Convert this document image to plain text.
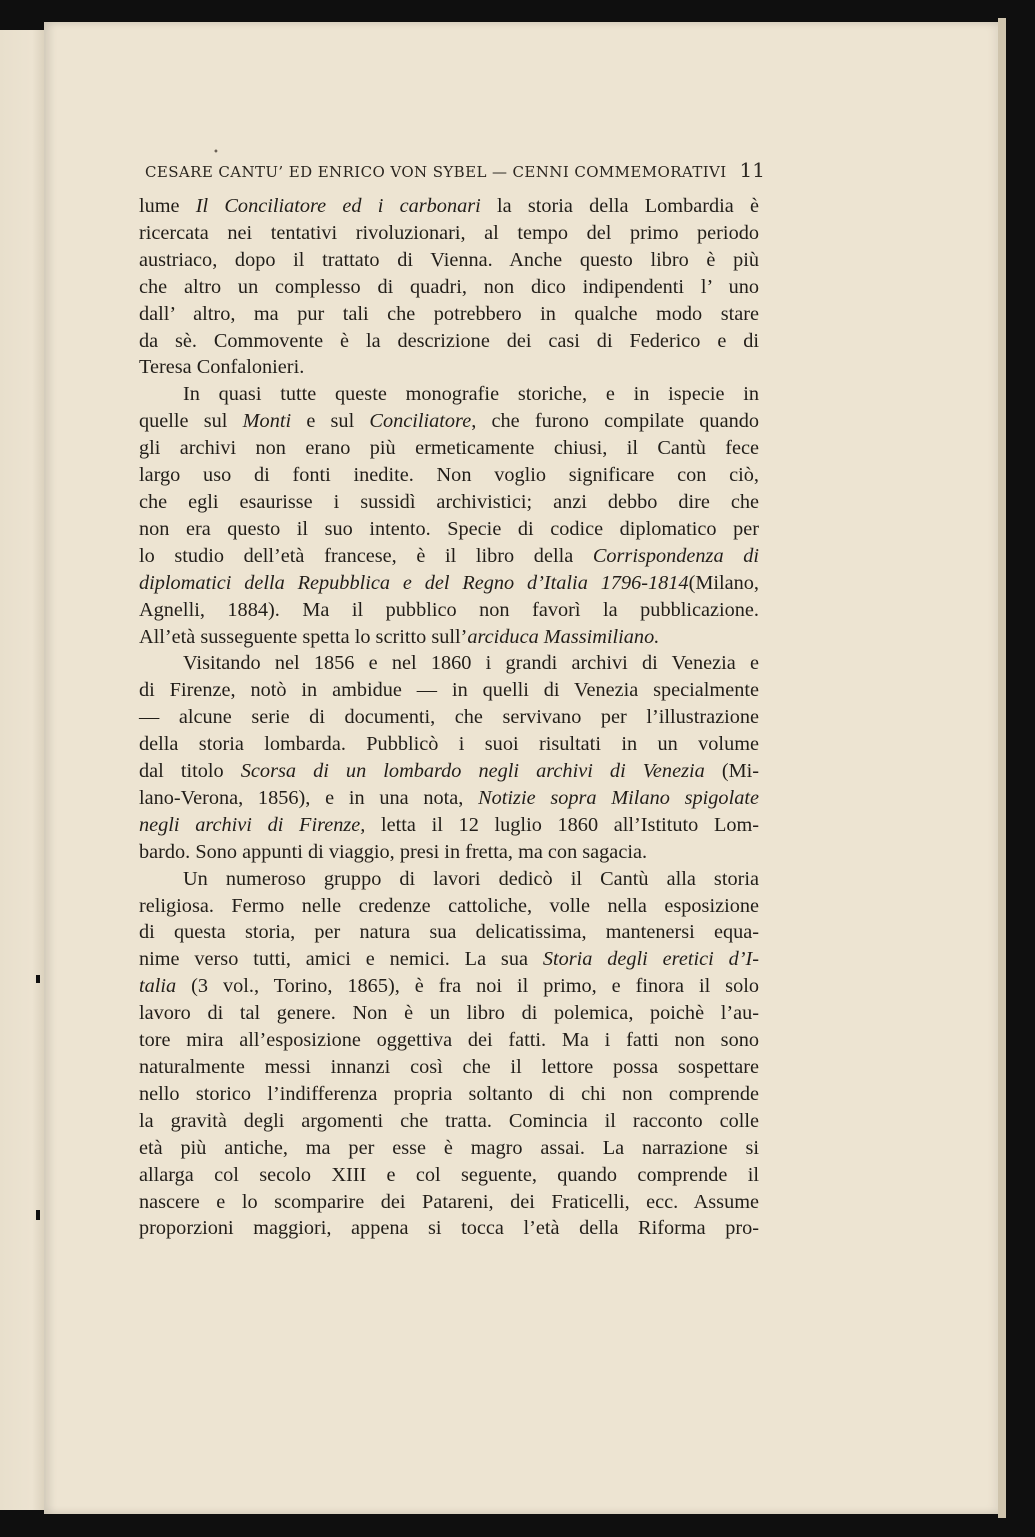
•
CESARE CANTU’ ED ENRICO VON SYBEL — CENNI COMMEMORATIVI 11
lume Il Conciliatore ed i carbonari la storia della Lombardia è
ricercata nei tentativi rivoluzionari, al tempo del primo periodo
austriaco, dopo il trattato di Vienna. Anche questo libro è più
che altro un complesso di quadri, non dico indipendenti l’ uno
dall’ altro, ma pur tali che potrebbero in qualche modo stare
da sè. Commovente è la descrizione dei casi di Federico e di
Teresa Confalonieri.
In quasi tutte queste monografie storiche, e in ispecie in
quelle sul Monti e sul Conciliatore, che furono compilate quando
gli archivi non erano più ermeticamente chiusi, il Cantù fece
largo uso di fonti inedite. Non voglio significare con ciò,
che egli esaurisse i sussidì archivistici; anzi debbo dire che
non era questo il suo intento. Specie di codice diplomatico per
lo studio dell’età francese, è il libro della Corrispondenza di
diplomatici della Repubblica e del Regno d’Italia 1796-1814(Milano,
Agnelli, 1884). Ma il pubblico non favorì la pubblicazione.
All’età susseguente spetta lo scritto sull’arciduca Massimiliano.
Visitando nel 1856 e nel 1860 i grandi archivi di Venezia e
di Firenze, notò in ambidue — in quelli di Venezia specialmente
— alcune serie di documenti, che servivano per l’illustrazione
della storia lombarda. Pubblicò i suoi risultati in un volume
dal titolo Scorsa di un lombardo negli archivi di Venezia (Mi-
lano-Verona, 1856), e in una nota, Notizie sopra Milano spigolate
negli archivi di Firenze, letta il 12 luglio 1860 all’Istituto Lom-
bardo. Sono appunti di viaggio, presi in fretta, ma con sagacia.
Un numeroso gruppo di lavori dedicò il Cantù alla storia
religiosa. Fermo nelle credenze cattoliche, volle nella esposizione
di questa storia, per natura sua delicatissima, mantenersi equa-
nime verso tutti, amici e nemici. La sua Storia degli eretici d’I-
talia (3 vol., Torino, 1865), è fra noi il primo, e finora il solo
lavoro di tal genere. Non è un libro di polemica, poichè l’au-
tore mira all’esposizione oggettiva dei fatti. Ma i fatti non sono
naturalmente messi innanzi così che il lettore possa sospettare
nello storico l’indifferenza propria soltanto di chi non comprende
la gravità degli argomenti che tratta. Comincia il racconto colle
età più antiche, ma per esse è magro assai. La narrazione si
allarga col secolo XIII e col seguente, quando comprende il
nascere e lo scomparire dei Patareni, dei Fraticelli, ecc. Assume
proporzioni maggiori, appena si tocca l’età della Riforma pro-
